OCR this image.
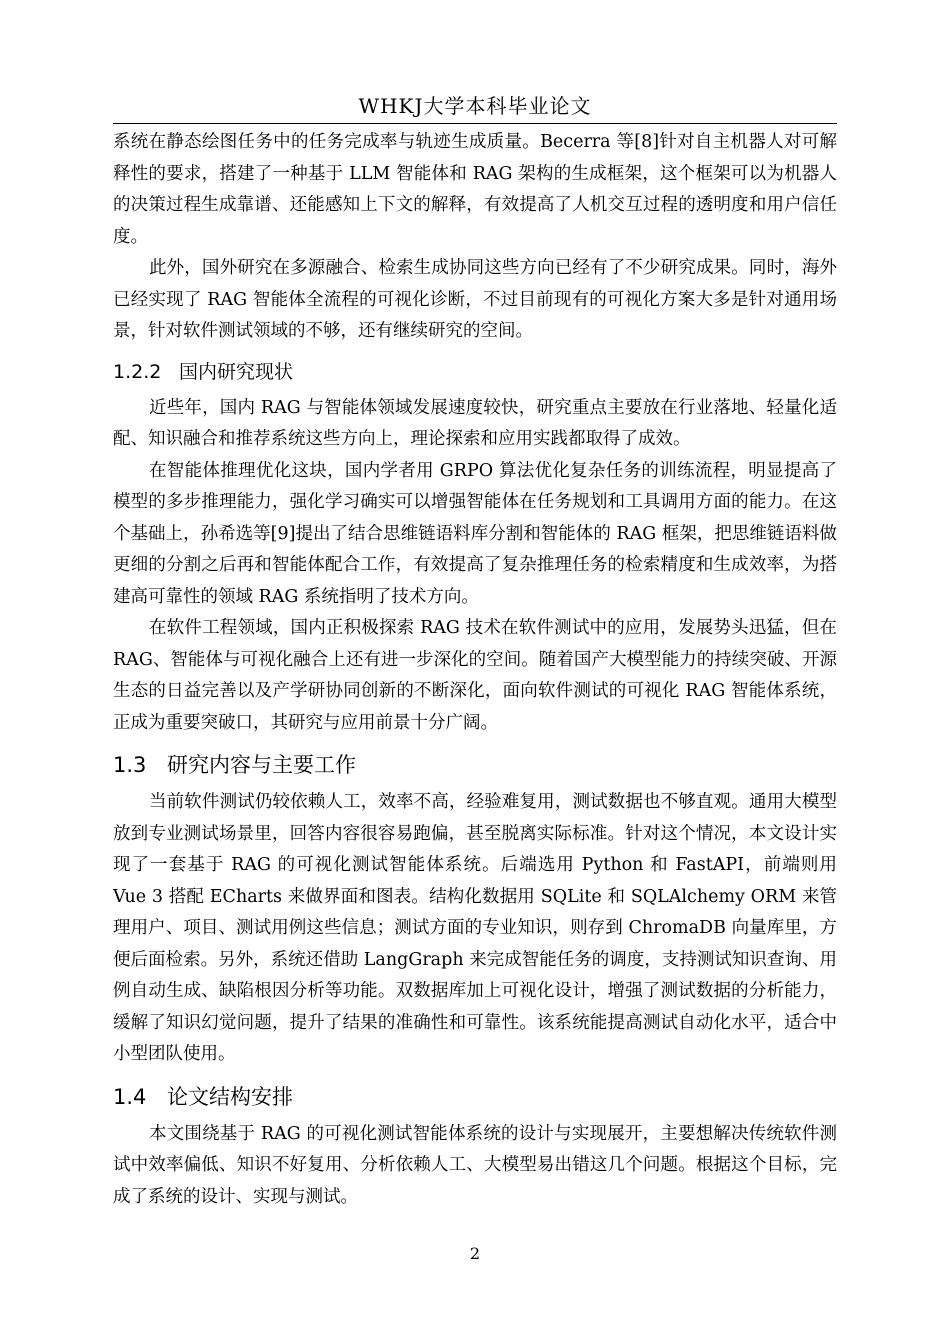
WHKJ大学本科毕业论文

系统在静态绘图任务中的任务完成率与轨迹生成质量。Becerra 等[8]针对自主机器人对可解释性的要求，搭建了一种基于 LLM 智能体和 RAG 架构的生成框架，这个框架可以为机器人的决策过程生成靠谱、还能感知上下文的解释，有效提高了人机交互过程的透明度和用户信任度。

此外，国外研究在多源融合、检索生成协同这些方向已经有了不少研究成果。同时，海外已经实现了 RAG 智能体全流程的可视化诊断，不过目前现有的可视化方案大多是针对通用场景，针对软件测试领域的不够，还有继续研究的空间。

1.2.2 国内研究现状

近些年，国内 RAG 与智能体领域发展速度较快，研究重点主要放在行业落地、轻量化适配、知识融合和推荐系统这些方向上，理论探索和应用实践都取得了成效。

在智能体推理优化这块，国内学者用 GRPO 算法优化复杂任务的训练流程，明显提高了模型的多步推理能力，强化学习确实可以增强智能体在任务规划和工具调用方面的能力。在这个基础上，孙希选等[9]提出了结合思维链语料库分割和智能体的 RAG 框架，把思维链语料做更细的分割之后再和智能体配合工作，有效提高了复杂推理任务的检索精度和生成效率，为搭建高可靠性的领域 RAG 系统指明了技术方向。

在软件工程领域，国内正积极探索 RAG 技术在软件测试中的应用，发展势头迅猛，但在 RAG、智能体与可视化融合上还有进一步深化的空间。随着国产大模型能力的持续突破、开源生态的日益完善以及产学研协同创新的不断深化，面向软件测试的可视化 RAG 智能体系统，正成为重要突破口，其研究与应用前景十分广阔。

1.3 研究内容与主要工作

当前软件测试仍较依赖人工，效率不高，经验难复用，测试数据也不够直观。通用大模型放到专业测试场景里，回答内容很容易跑偏，甚至脱离实际标准。针对这个情况，本文设计实现了一套基于 RAG 的可视化测试智能体系统。后端选用 Python 和 FastAPI，前端则用 Vue 3 搭配 ECharts 来做界面和图表。结构化数据用 SQLite 和 SQLAlchemy ORM 来管理用户、项目、测试用例这些信息；测试方面的专业知识，则存到 ChromaDB 向量库里，方便后面检索。另外，系统还借助 LangGraph 来完成智能任务的调度，支持测试知识查询、用例自动生成、缺陷根因分析等功能。双数据库加上可视化设计，增强了测试数据的分析能力，缓解了知识幻觉问题，提升了结果的准确性和可靠性。该系统能提高测试自动化水平，适合中小型团队使用。

1.4 论文结构安排

本文围绕基于 RAG 的可视化测试智能体系统的设计与实现展开，主要想解决传统软件测试中效率偏低、知识不好复用、分析依赖人工、大模型易出错这几个问题。根据这个目标，完成了系统的设计、实现与测试。

2
